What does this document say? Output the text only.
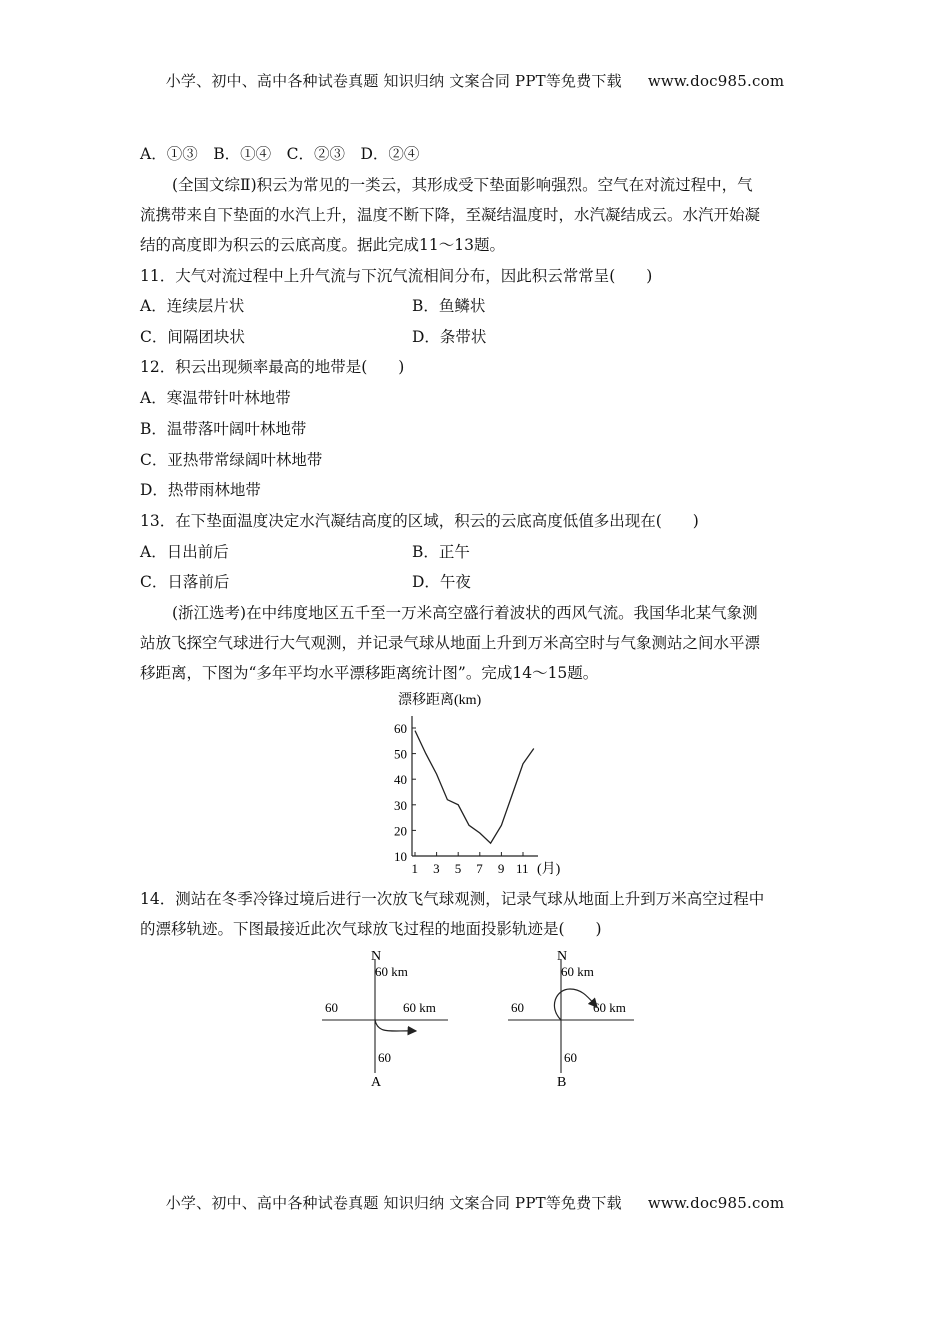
小学、初中、高中各种试卷真题 知识归纳 文案合同 PPT等免费下载 www.doc985.com
A．①③　B．①④　C．②③　D．②④
(全国文综Ⅱ)积云为常见的一类云，其形成受下垫面影响强烈。空气在对流过程中，气
流携带来自下垫面的水汽上升，温度不断下降，至凝结温度时，水汽凝结成云。水汽开始凝
结的高度即为积云的云底高度。据此完成11～13题。
11．大气对流过程中上升气流与下沉气流相间分布，因此积云常常呈(　　)
A．连续层片状	B．鱼鳞状
C．间隔团块状	D．条带状
12．积云出现频率最高的地带是(　　)
A．寒温带针叶林地带
B．温带落叶阔叶林地带
C．亚热带常绿阔叶林地带
D．热带雨林地带
13．在下垫面温度决定水汽凝结高度的区域，积云的云底高度低值多出现在(　　)
A．日出前后	B．正午
C．日落前后	D．午夜
(浙江选考)在中纬度地区五千至一万米高空盛行着波状的西风气流。我国华北某气象测
站放飞探空气球进行大气观测，并记录气球从地面上升到万米高空时与气象测站之间水平漂
移距离，下图为“多年平均水平漂移距离统计图”。完成14～15题。
漂移距离(km)
10
20
30
40
50
60
1 3 5 7 9 11 (月)
14．测站在冬季冷锋过境后进行一次放飞气球观测，记录气球从地面上升到万米高空过程中
的漂移轨迹。下图最接近此次气球放飞过程的地面投影轨迹是(　　)
N
60 km
60	60 km
60
A
N
60 km
60	60 km
60
B
小学、初中、高中各种试卷真题 知识归纳 文案合同 PPT等免费下载 www.doc985.com
